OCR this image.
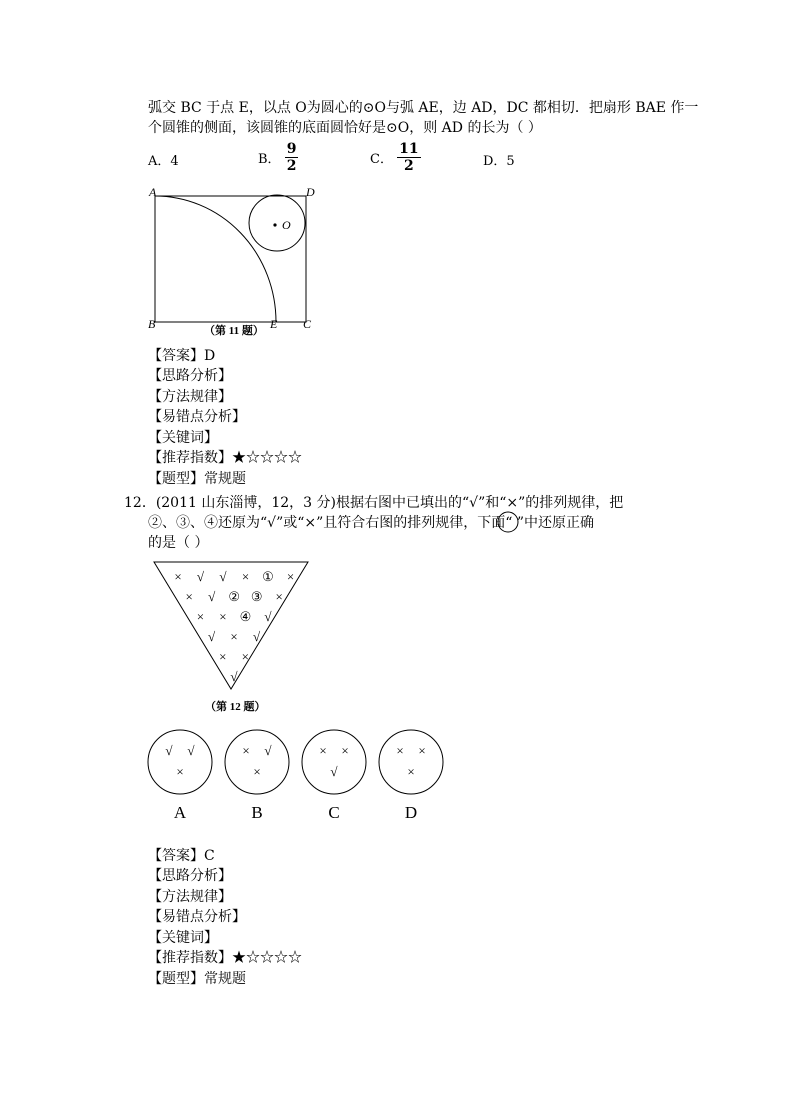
弧交 BC 于点 E，以点 O为圆心的⊙O与弧 AE，边 AD，DC 都相切．把扇形 BAE 作一
个圆锥的侧面，该圆锥的底面圆恰好是⊙O，则 AD 的长为（ ）
A．4	B． $\frac{9}{2}$	C． $\frac{11}{2}$	D．5
A	D
O
B	E C
（第 11 题）
【答案】D
【思路分析】
【方法规律】
【易错点分析】
【关键词】
【推荐指数】★☆☆☆☆
【题型】常规题
12．(2011 山东淄博，12，3 分)根据右图中已填出的“√”和“×”的排列规律，把
②、③、④还原为“√”或“×”且符合右图的排列规律，下面“ ”中还原正确
的是（ ）
× √ √ × ① ×
× √ ② ③ ×
× × ④ √
√ × √
× ×
√
（第 12 题）
√ √
×
A
× √
×
B
× ×
√
C
× ×
×
D
【答案】C
【思路分析】
【方法规律】
【易错点分析】
【关键词】
【推荐指数】★☆☆☆☆
【题型】常规题
